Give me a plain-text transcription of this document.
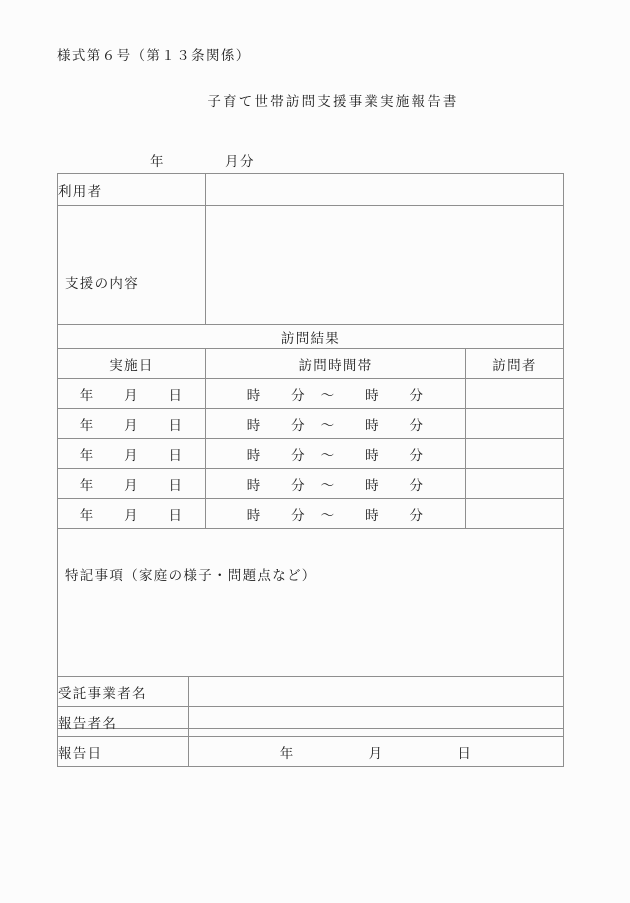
様式第６号（第１３条関係）
子育て世帯訪問支援事業実施報告書
年　　　　月分
利用者		

支援の内容		

訪問結果		
実施日	訪問時間帯	訪問者
年　　月　　日	時　　分　～　　時　　分	
年　　月　　日	時　　分　～　　時　　分	
年　　月　　日	時　　分　～　　時　　分	
年　　月　　日	時　　分　～　　時　　分	
年　　月　　日	時　　分　～　　時　　分	

特記事項（家庭の様子・問題点など）		

受託事業者名	
報告者名	
報告日	年　　　　　月　　　　　日
